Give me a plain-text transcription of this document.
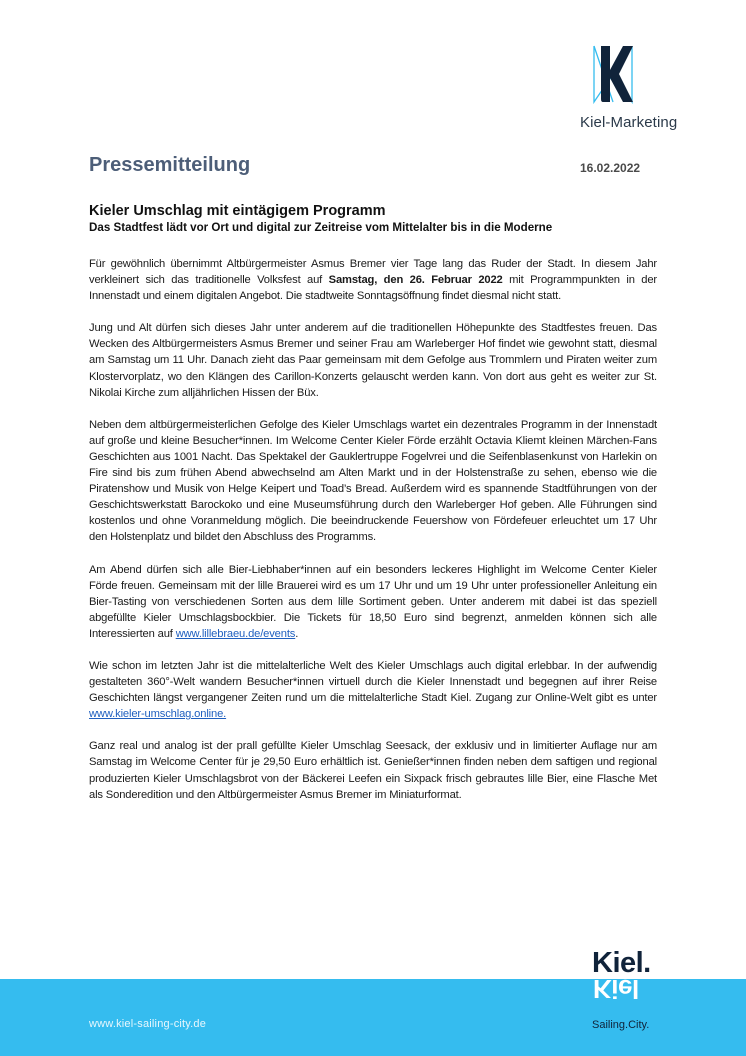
Kiel-Marketing
Pressemitteilung	16.02.2022
Kieler Umschlag mit eintägigem Programm
Das Stadtfest lädt vor Ort und digital zur Zeitreise vom Mittelalter bis in die Moderne

Für gewöhnlich übernimmt Altbürgermeister Asmus Bremer vier Tage lang das Ruder der Stadt. In diesem Jahr verkleinert sich das traditionelle Volksfest auf Samstag, den 26. Februar 2022 mit Programmpunkten in der Innenstadt und einem digitalen Angebot. Die stadtweite Sonntagsöffnung findet diesmal nicht statt.

Jung und Alt dürfen sich dieses Jahr unter anderem auf die traditionellen Höhepunkte des Stadtfestes freuen. Das Wecken des Altbürgermeisters Asmus Bremer und seiner Frau am Warleberger Hof findet wie gewohnt statt, diesmal am Samstag um 11 Uhr. Danach zieht das Paar gemeinsam mit dem Gefolge aus Trommlern und Piraten weiter zum Klostervorplatz, wo den Klängen des Carillon-Konzerts gelauscht werden kann. Von dort aus geht es weiter zur St. Nikolai Kirche zum alljährlichen Hissen der Büx.

Neben dem altbürgermeisterlichen Gefolge des Kieler Umschlags wartet ein dezentrales Programm in der Innenstadt auf große und kleine Besucher*innen. Im Welcome Center Kieler Förde erzählt Octavia Kliemt kleinen Märchen-Fans Geschichten aus 1001 Nacht. Das Spektakel der Gauklertruppe Fogelvrei und die Seifenblasenkunst von Harlekin on Fire sind bis zum frühen Abend abwechselnd am Alten Markt und in der Holstenstraße zu sehen, ebenso wie die Piratenshow und Musik von Helge Keipert und Toad’s Bread. Außerdem wird es spannende Stadtführungen von der Geschichtswerkstatt Barockoko und eine Museumsführung durch den Warleberger Hof geben. Alle Führungen sind kostenlos und ohne Voranmeldung möglich. Die beeindruckende Feuershow von Fördefeuer erleuchtet um 17 Uhr den Holstenplatz und bildet den Abschluss des Programms.

Am Abend dürfen sich alle Bier-Liebhaber*innen auf ein besonders leckeres Highlight im Welcome Center Kieler Förde freuen. Gemeinsam mit der lille Brauerei wird es um 17 Uhr und um 19 Uhr unter professioneller Anleitung ein Bier-Tasting von verschiedenen Sorten aus dem lille Sortiment geben. Unter anderem mit dabei ist das speziell abgefüllte Kieler Umschlagsbockbier. Die Tickets für 18,50 Euro sind begrenzt, anmelden können sich alle Interessierten auf www.lillebraeu.de/events.

Wie schon im letzten Jahr ist die mittelalterliche Welt des Kieler Umschlags auch digital erlebbar. In der aufwendig gestalteten 360°-Welt wandern Besucher*innen virtuell durch die Kieler Innenstadt und begegnen auf ihrer Reise Geschichten längst vergangener Zeiten rund um die mittelalterliche Stadt Kiel. Zugang zur Online-Welt gibt es unter www.kieler-umschlag.online.

Ganz real und analog ist der prall gefüllte Kieler Umschlag Seesack, der exklusiv und in limitierter Auflage nur am Samstag im Welcome Center für je 29,50 Euro erhältlich ist. Genießer*innen finden neben dem saftigen und regional produzierten Kieler Umschlagsbrot von der Bäckerei Leefen ein Sixpack frisch gebrautes lille Bier, eine Flasche Met als Sonderedition und den Altbürgermeister Asmus Bremer im Miniaturformat.

www.kiel-sailing-city.de
Kiel.
Kiel
Sailing.City.
